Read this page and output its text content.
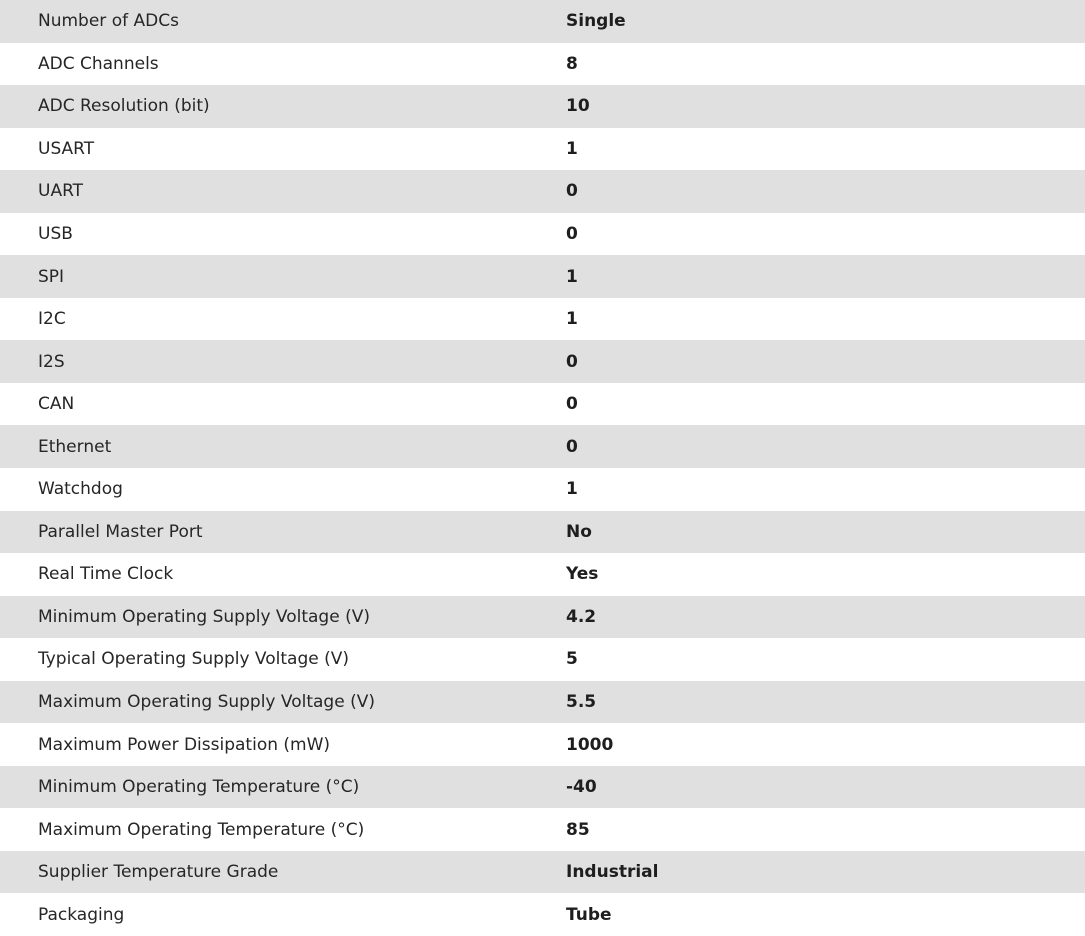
Number of ADCs	Single
ADC Channels	8
ADC Resolution (bit)	10
USART	1
UART	0
USB	0
SPI	1
I2C	1
I2S	0
CAN	0
Ethernet	0
Watchdog	1
Parallel Master Port	No
Real Time Clock	Yes
Minimum Operating Supply Voltage (V)	4.2
Typical Operating Supply Voltage (V)	5
Maximum Operating Supply Voltage (V)	5.5
Maximum Power Dissipation (mW)	1000
Minimum Operating Temperature (°C)	-40
Maximum Operating Temperature (°C)	85
Supplier Temperature Grade	Industrial
Packaging	Tube
